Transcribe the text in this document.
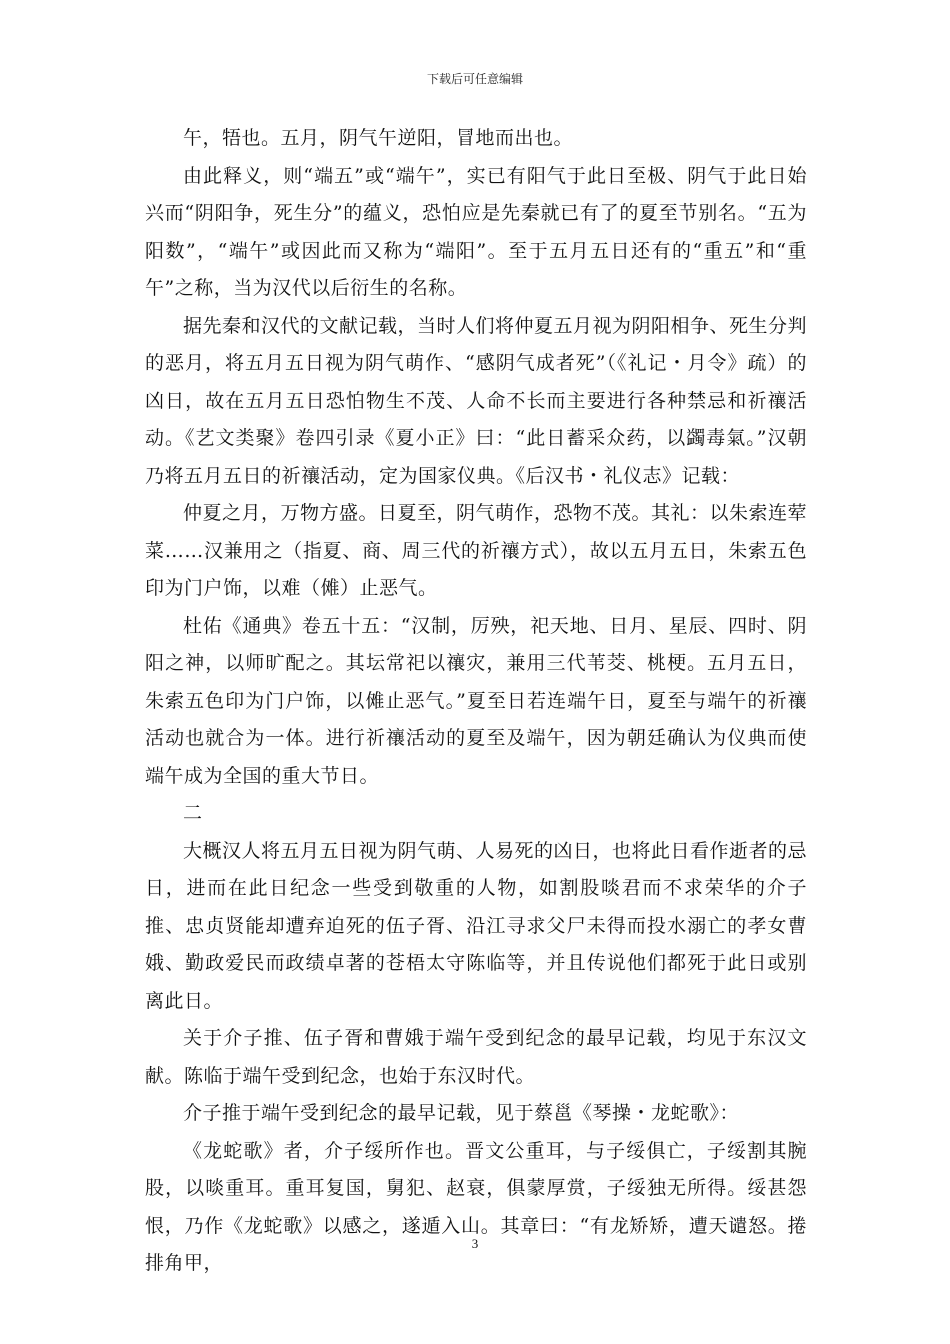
下载后可任意编辑

午，牾也。五月，阴气午逆阳，冒地而出也。

由此释义，则“端五”或“端午”，实已有阳气于此日至极、阴气于此日始兴而“阴阳争，死生分”的蕴义，恐怕应是先秦就已有了的夏至节别名。“五为阳数”，“端午”或因此而又称为“端阳”。至于五月五日还有的“重五”和“重午”之称，当为汉代以后衍生的名称。

据先秦和汉代的文献记载，当时人们将仲夏五月视为阴阳相争、死生分判的恶月，将五月五日视为阴气萌作、“感阴气成者死”（《礼记・月令》疏）的凶日，故在五月五日恐怕物生不茂、人命不长而主要进行各种禁忌和祈禳活动。《艺文类聚》卷四引录《夏小正》曰：“此日蓄采众药，以蠲毒氣。”汉朝乃将五月五日的祈禳活动，定为国家仪典。《后汉书・礼仪志》记载：

仲夏之月，万物方盛。日夏至，阴气萌作，恐物不茂。其礼：以朱索连荤菜……汉兼用之（指夏、商、周三代的祈禳方式），故以五月五日，朱索五色印为门户饰，以难（傩）止恶气。

杜佑《通典》卷五十五：“汉制，厉殃，祀天地、日月、星辰、四时、阴阳之神，以师旷配之。其坛常祀以禳灾，兼用三代苇茭、桃梗。五月五日，朱索五色印为门户饰，以傩止恶气。”夏至日若连端午日，夏至与端午的祈禳活动也就合为一体。进行祈禳活动的夏至及端午，因为朝廷确认为仪典而使端午成为全国的重大节日。

二

大概汉人将五月五日视为阴气萌、人易死的凶日，也将此日看作逝者的忌日，进而在此日纪念一些受到敬重的人物，如割股啖君而不求荣华的介子推、忠贞贤能却遭弃迫死的伍子胥、沿江寻求父尸未得而投水溺亡的孝女曹娥、勤政爱民而政绩卓著的苍梧太守陈临等，并且传说他们都死于此日或别离此日。

关于介子推、伍子胥和曹娥于端午受到纪念的最早记载，均见于东汉文献。陈临于端午受到纪念，也始于东汉时代。

介子推于端午受到纪念的最早记载，见于蔡邕《琴操・龙蛇歌》：

《龙蛇歌》者，介子绥所作也。晋文公重耳，与子绥俱亡，子绥割其腕股，以啖重耳。重耳复国，舅犯、赵衰，俱蒙厚赏，子绥独无所得。绥甚怨恨，乃作《龙蛇歌》以感之，遂遁入山。其章曰：“有龙矫矫，遭天谴怒。捲排角甲，

3
